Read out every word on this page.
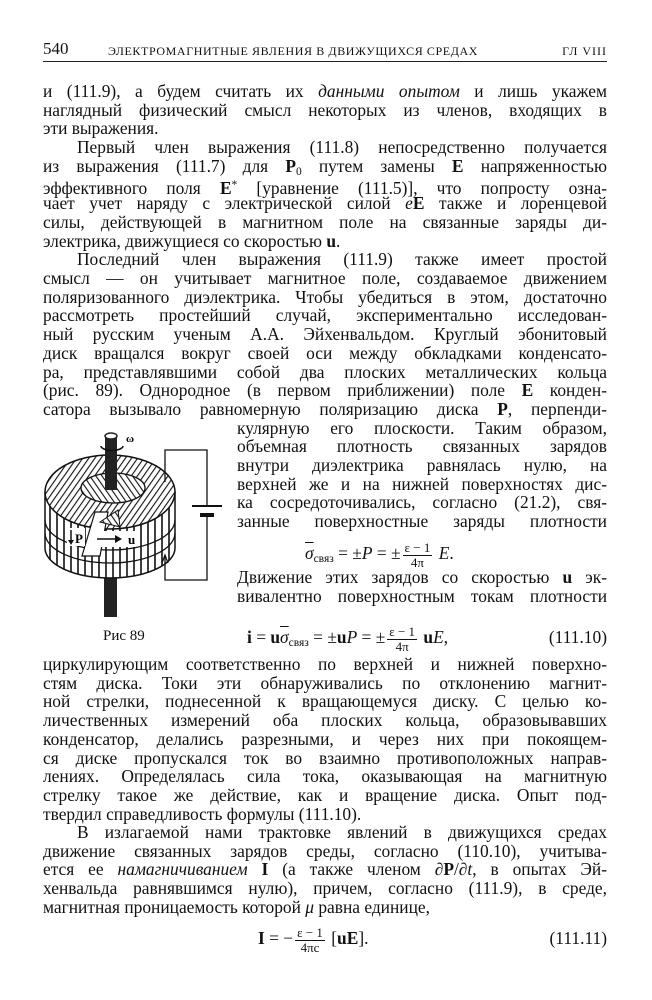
540	ЭЛЕКТРОМАГНИТНЫЕ ЯВЛЕНИЯ В ДВИЖУЩИХСЯ СРЕДАХ	ГЛ VIII
и (111.9), а будем считать их данными опытом и лишь укажем
наглядный физический смысл некоторых из членов, входящих в
эти выражения.
Первый член выражения (111.8) непосредственно получается
из выражения (111.7) для $P_0$ путем замены E напряженностью
эффективного поля E* [уравнение (111.5)], что попросту озна-
чает учет наряду с электрической силой eE также и лоренцевой
силы, действующей в магнитном поле на связанные заряды ди-
электрика, движущиеся со скоростью u.
Последний член выражения (111.9) также имеет простой
смысл — он учитывает магнитное поле, создаваемое движением
поляризованного диэлектрика. Чтобы убедиться в этом, достаточно
рассмотреть простейший случай, экспериментально исследован-
ный русским ученым А.А. Эйхенвальдом. Круглый эбонитовый
диск вращался вокруг своей оси между обкладками конденсато-
ра, представлявшими собой два плоских металлических кольца
(рис. 89). Однородное (в первом приближении) поле E конден-
сатора вызывало равномерную поляризацию диска P, перпенди-
кулярную его плоскости. Таким образом,
объемная плотность связанных зарядов
внутри диэлектрика равнялась нулю, на
верхней же и на нижней поверхностях дис-
ка сосредоточивались, согласно (21.2), свя-
занные поверхностные заряды плотности
Движение этих зарядов со скоростью u эк-
вивалентно поверхностным токам плотности
циркулирующим соответственно по верхней и нижней поверхно-
стям диска. Токи эти обнаруживались по отклонению магнит-
ной стрелки, поднесенной к вращающемуся диску. С целью ко-
личественных измерений оба плоских кольца, образовывавших
конденсатор, делались разрезными, и через них при покоящем-
ся диске пропускался ток во взаимно противоположных направ-
лениях. Определялась сила тока, оказывающая на магнитную
стрелку такое же действие, как и вращение диска. Опыт под-
твердил справедливость формулы (111.10).
В излагаемой нами трактовке явлений в движущихся средах
движение связанных зарядов среды, согласно (110.10), учитыва-
ется ее намагничиванием I (а также членом ∂P/∂t, в опытах Эй-
хенвальда равнявшимся нулю), причем, согласно (111.9), в среде,
магнитная проницаемость которой μ равна единице,
$\overline{\sigma}_{связ} = \pm P$ = ± $\frac{\varepsilon - 1}{4\pi} E$.
$i = u\overline{\sigma}_{связ} = \pm uP$ = ± $\frac{\varepsilon - 1}{4\pi}$ uE,	(111.10)
I = − $\frac{\varepsilon - 1}{4\pi c} [uE]$.	(111.11)
ω
P	u
Рис 89
